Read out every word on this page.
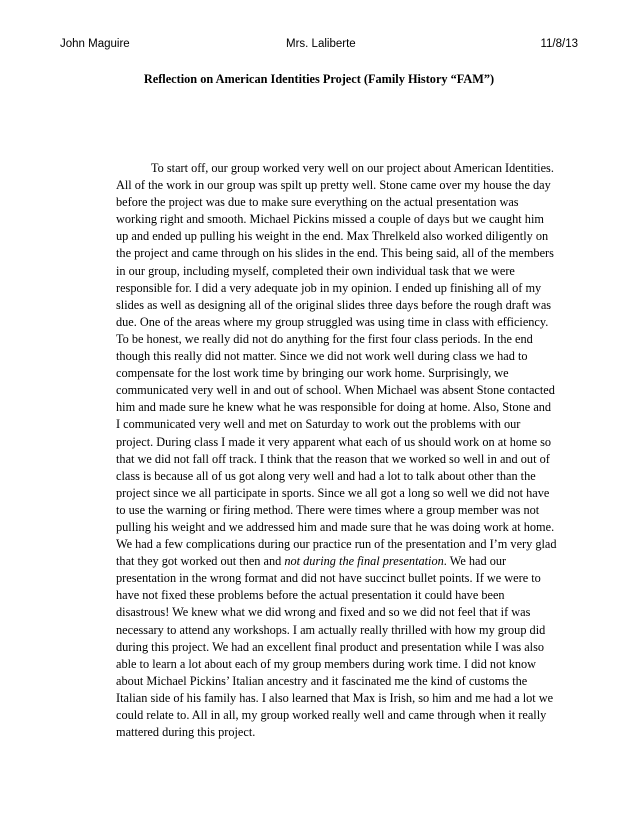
John Maguire	Mrs. Laliberte	11/8/13
Reflection on American Identities Project (Family History “FAM”)
To start off, our group worked very well on our project about American Identities.
All of the work in our group was spilt up pretty well. Stone came over my house the day
before the project was due to make sure everything on the actual presentation was
working right and smooth. Michael Pickins missed a couple of days but we caught him
up and ended up pulling his weight in the end. Max Threlkeld also worked diligently on
the project and came through on his slides in the end. This being said, all of the members
in our group, including myself, completed their own individual task that we were
responsible for. I did a very adequate job in my opinion. I ended up finishing all of my
slides as well as designing all of the original slides three days before the rough draft was
due. One of the areas where my group struggled was using time in class with efficiency.
To be honest, we really did not do anything for the first four class periods. In the end
though this really did not matter. Since we did not work well during class we had to
compensate for the lost work time by bringing our work home. Surprisingly, we
communicated very well in and out of school. When Michael was absent Stone contacted
him and made sure he knew what he was responsible for doing at home. Also, Stone and
I communicated very well and met on Saturday to work out the problems with our
project. During class I made it very apparent what each of us should work on at home so
that we did not fall off track. I think that the reason that we worked so well in and out of
class is because all of us got along very well and had a lot to talk about other than the
project since we all participate in sports. Since we all got a long so well we did not have
to use the warning or firing method. There were times where a group member was not
pulling his weight and we addressed him and made sure that he was doing work at home.
We had a few complications during our practice run of the presentation and I’m very glad
that they got worked out then and not during the final presentation. We had our
presentation in the wrong format and did not have succinct bullet points. If we were to
have not fixed these problems before the actual presentation it could have been
disastrous! We knew what we did wrong and fixed and so we did not feel that if was
necessary to attend any workshops. I am actually really thrilled with how my group did
during this project. We had an excellent final product and presentation while I was also
able to learn a lot about each of my group members during work time. I did not know
about Michael Pickins’ Italian ancestry and it fascinated me the kind of customs the
Italian side of his family has. I also learned that Max is Irish, so him and me had a lot we
could relate to. All in all, my group worked really well and came through when it really
mattered during this project.
